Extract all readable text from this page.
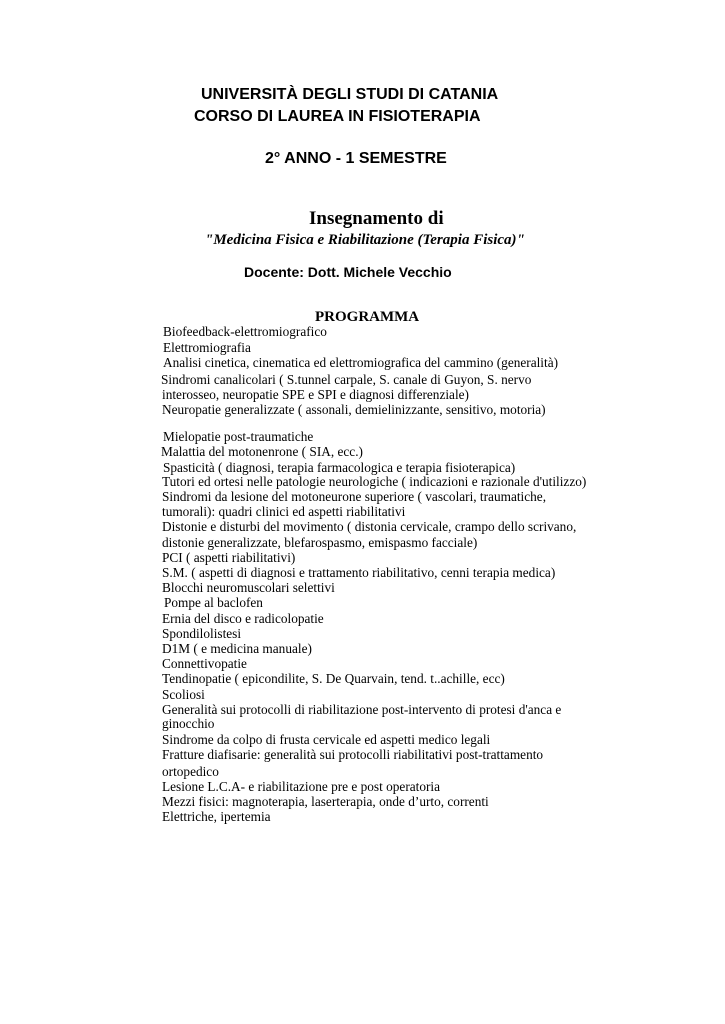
UNIVERSITÀ DEGLI STUDI DI CATANIA
CORSO DI LAUREA IN FISIOTERAPIA
2° ANNO - 1 SEMESTRE
Insegnamento di
"Medicina Fisica e Riabilitazione (Terapia Fisica)"
Docente: Dott. Michele Vecchio
PROGRAMMA
Biofeedback-elettromiografico
Elettromiografia
Analisi cinetica, cinematica ed elettromiografica del cammino (generalità)
Sindromi canalicolari ( S.tunnel carpale, S. canale di Guyon, S. nervo
interosseo, neuropatie SPE e SPI e diagnosi differenziale)
Neuropatie generalizzate ( assonali, demielinizzante, sensitivo, motoria)
Mielopatie post-traumatiche
Malattia del motonenrone ( SIA, ecc.)
Spasticità ( diagnosi, terapia farmacologica e terapia fisioterapica)
Tutori ed ortesi nelle patologie neurologiche ( indicazioni e razionale d'utilizzo)
Sindromi da lesione del motoneurone superiore ( vascolari, traumatiche,
tumorali): quadri clinici ed aspetti riabilitativi
Distonie e disturbi del movimento ( distonia cervicale, crampo dello scrivano,
distonie generalizzate, blefarospasmo, emispasmo facciale)
PCI ( aspetti riabilitativi)
S.M. ( aspetti di diagnosi e trattamento riabilitativo, cenni terapia medica)
Blocchi neuromuscolari selettivi
Pompe al baclofen
Ernia del disco e radicolopatie
Spondilolistesi
D1M ( e medicina manuale)
Connettivopatie
Tendinopatie ( epicondilite, S. De Quarvain, tend. t..achille, ecc)
Scoliosi
Generalità sui protocolli di riabilitazione post-intervento di protesi d'anca e
ginocchio
Sindrome da colpo di frusta cervicale ed aspetti medico legali
Fratture diafisarie: generalità sui protocolli riabilitativi post-trattamento
ortopedico
Lesione L.C.A- e riabilitazione pre e post operatoria
Mezzi fisici: magnoterapia, laserterapia, onde d’urto, correnti
Elettriche, ipertemia
